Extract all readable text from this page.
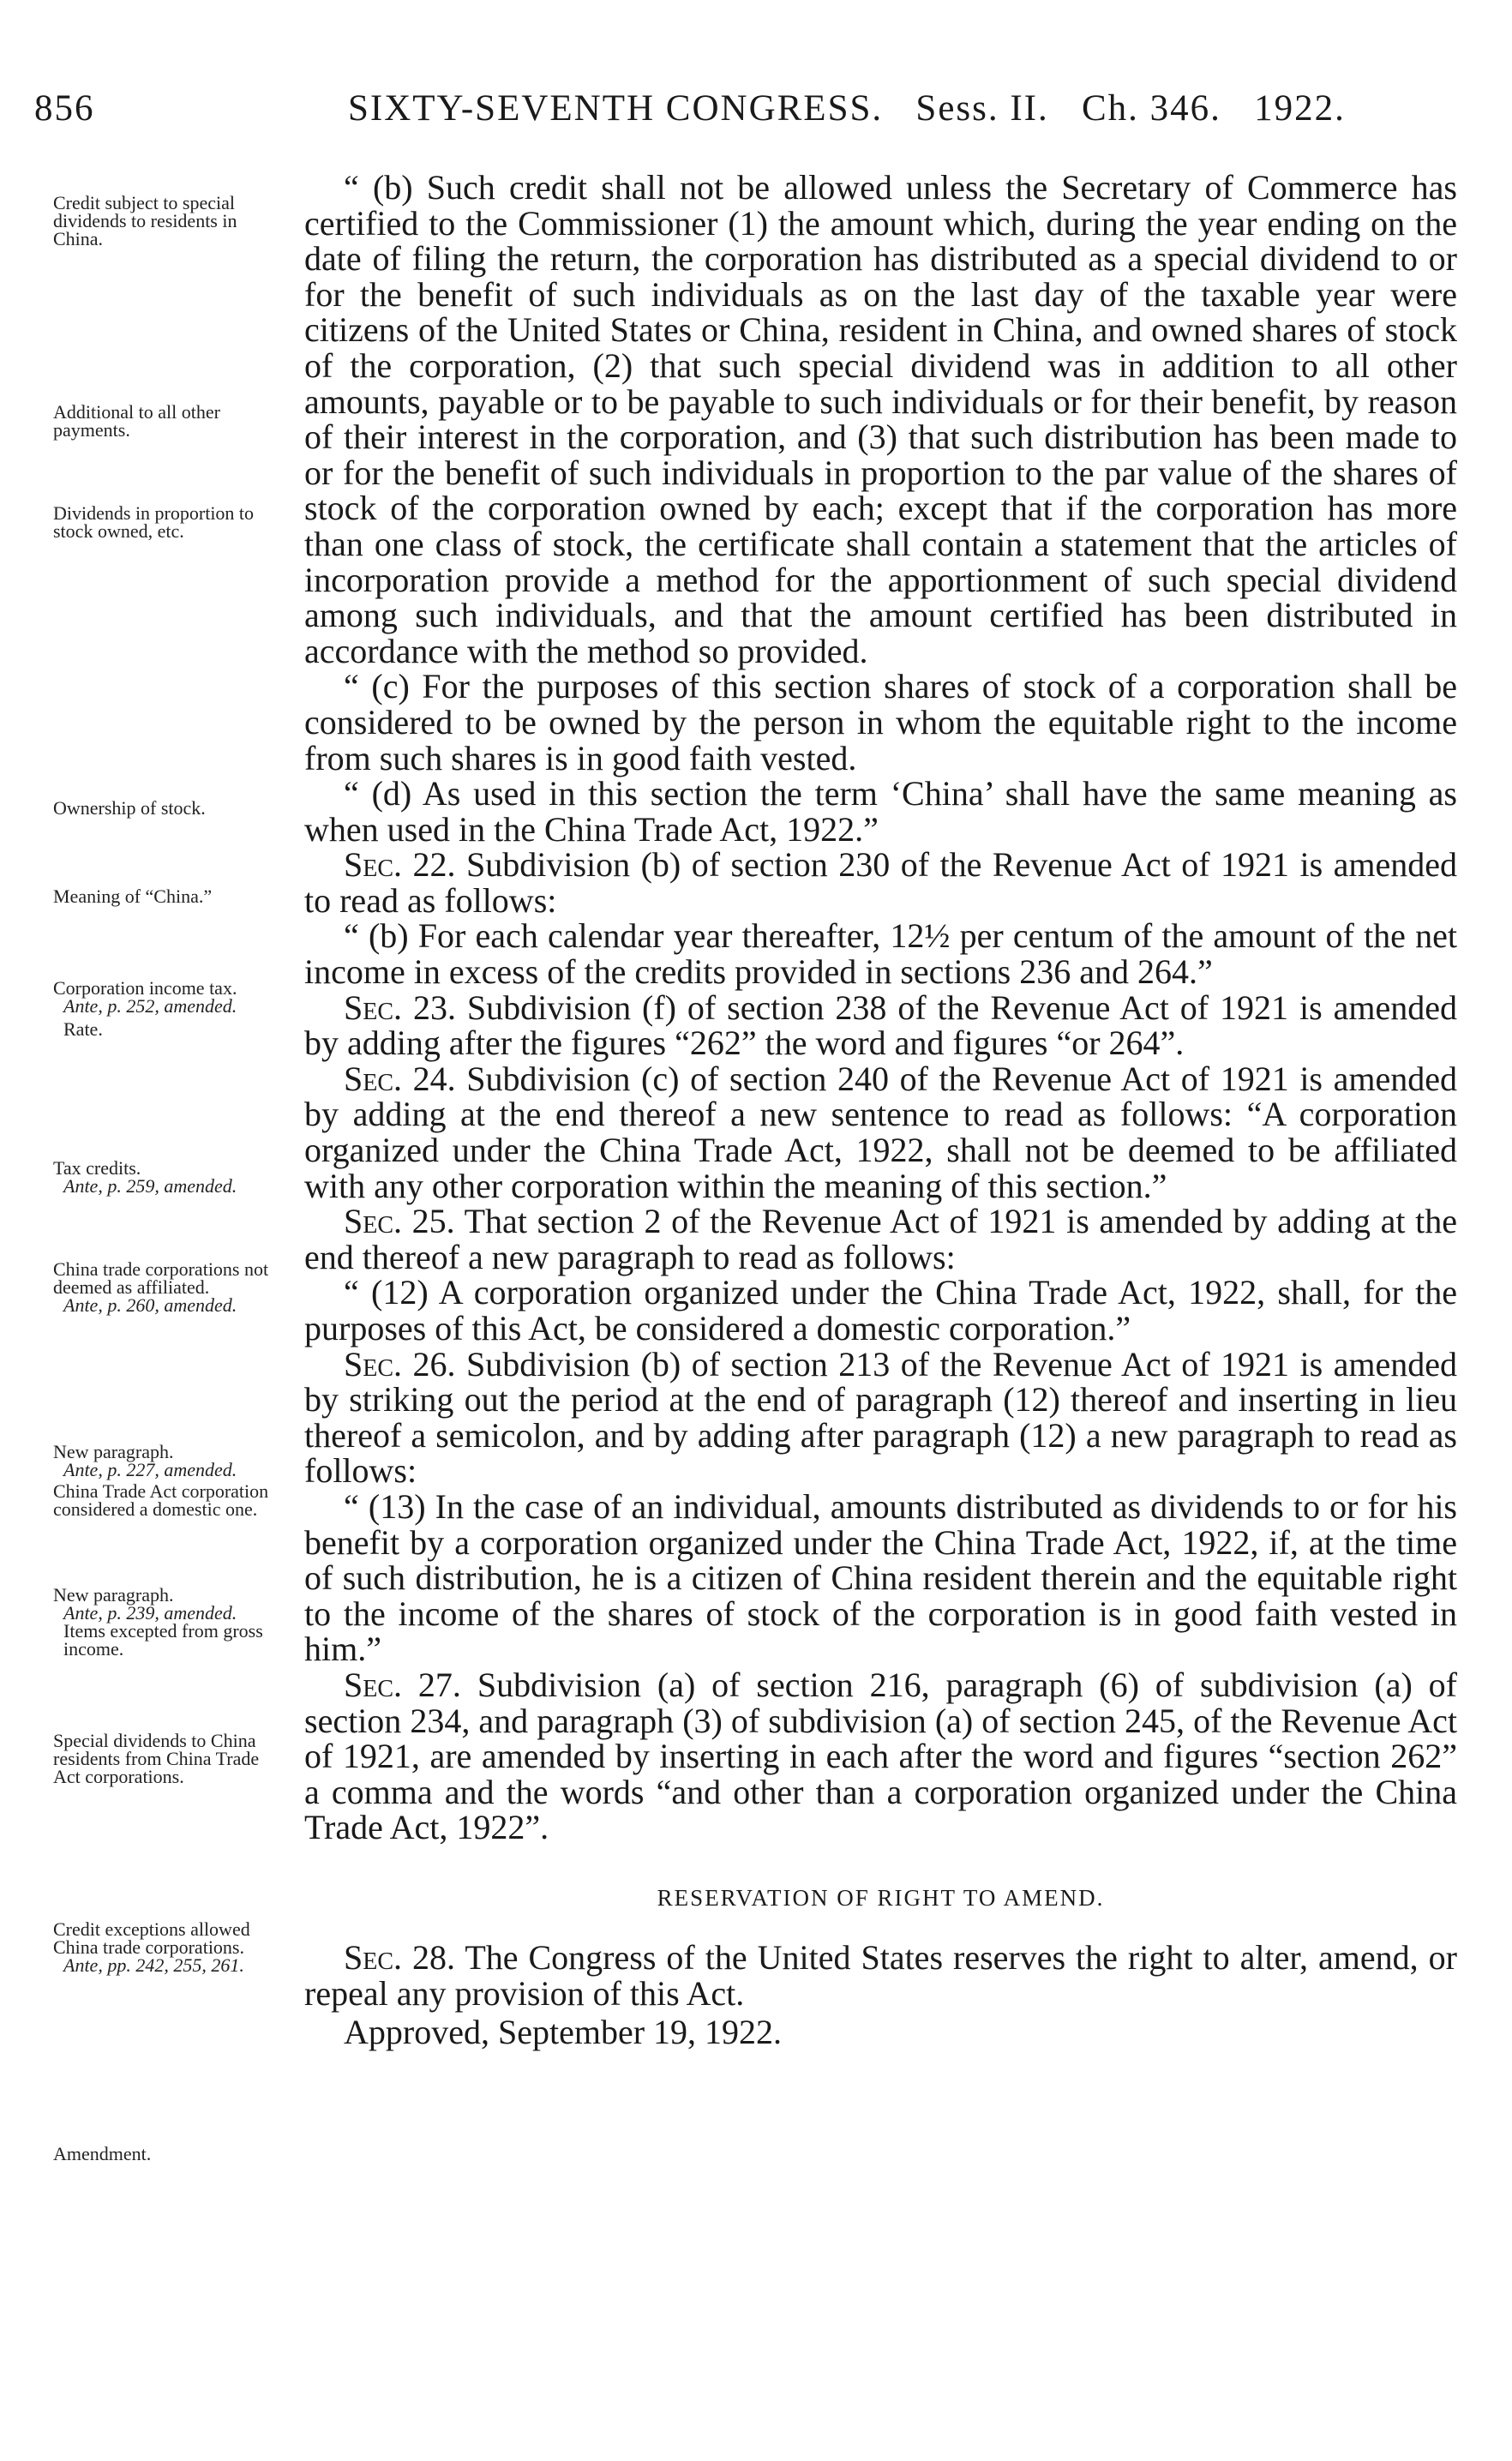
856	SIXTY-SEVENTH CONGRESS.   Sess. II.   Ch. 346.   1922.
Credit subject to special dividends to residents in China.
Additional to all other payments.
Dividends in proportion to stock owned, etc.
Ownership of stock.
Meaning of “China.”
Corporation income tax.
Ante, p. 252, amended.
Rate.
Tax credits.
Ante, p. 259, amended.
China trade corporations not deemed as affiliated.
Ante, p. 260, amended.
New paragraph.
Ante, p. 227, amended.
China Trade Act corporation considered a domestic one.
New paragraph.
Ante, p. 239, amended.
Items excepted from gross income.
Special dividends to China residents from China Trade Act corporations.
Credit exceptions allowed China trade corporations.
Ante, pp. 242, 255, 261.
Amendment.

“ (b) Such credit shall not be allowed unless the Secretary of Commerce has certified to the Commissioner (1) the amount which, during the year ending on the date of filing the return, the corporation has distributed as a special dividend to or for the benefit of such individuals as on the last day of the taxable year were citizens of the United States or China, resident in China, and owned shares of stock of the corporation, (2) that such special dividend was in addition to all other amounts, payable or to be payable to such individuals or for their benefit, by reason of their interest in the corporation, and (3) that such distribution has been made to or for the benefit of such individuals in proportion to the par value of the shares of stock of the corporation owned by each; except that if the corporation has more than one class of stock, the certificate shall contain a statement that the articles of incorporation provide a method for the apportionment of such special dividend among such individuals, and that the amount certified has been distributed in accordance with the method so provided.

“ (c) For the purposes of this section shares of stock of a corporation shall be considered to be owned by the person in whom the equitable right to the income from such shares is in good faith vested.

“ (d) As used in this section the term ‘China’ shall have the same meaning as when used in the China Trade Act, 1922.”

Sec. 22. Subdivision (b) of section 230 of the Revenue Act of 1921 is amended to read as follows:

“ (b) For each calendar year thereafter, 12½ per centum of the amount of the net income in excess of the credits provided in sections 236 and 264.”

Sec. 23. Subdivision (f) of section 238 of the Revenue Act of 1921 is amended by adding after the figures “262” the word and figures “or 264”.

Sec. 24. Subdivision (c) of section 240 of the Revenue Act of 1921 is amended by adding at the end thereof a new sentence to read as follows: “A corporation organized under the China Trade Act, 1922, shall not be deemed to be affiliated with any other corporation within the meaning of this section.”

Sec. 25. That section 2 of the Revenue Act of 1921 is amended by adding at the end thereof a new paragraph to read as follows:

“ (12) A corporation organized under the China Trade Act, 1922, shall, for the purposes of this Act, be considered a domestic corporation.”

Sec. 26. Subdivision (b) of section 213 of the Revenue Act of 1921 is amended by striking out the period at the end of paragraph (12) thereof and inserting in lieu thereof a semicolon, and by adding after paragraph (12) a new paragraph to read as follows:

“ (13) In the case of an individual, amounts distributed as dividends to or for his benefit by a corporation organized under the China Trade Act, 1922, if, at the time of such distribution, he is a citizen of China resident therein and the equitable right to the income of the shares of stock of the corporation is in good faith vested in him.”

Sec. 27. Subdivision (a) of section 216, paragraph (6) of subdivision (a) of section 234, and paragraph (3) of subdivision (a) of section 245, of the Revenue Act of 1921, are amended by inserting in each after the word and figures “section 262” a comma and the words “and other than a corporation organized under the China Trade Act, 1922”.

RESERVATION OF RIGHT TO AMEND.

Sec. 28. The Congress of the United States reserves the right to alter, amend, or repeal any provision of this Act.

Approved, September 19, 1922.
